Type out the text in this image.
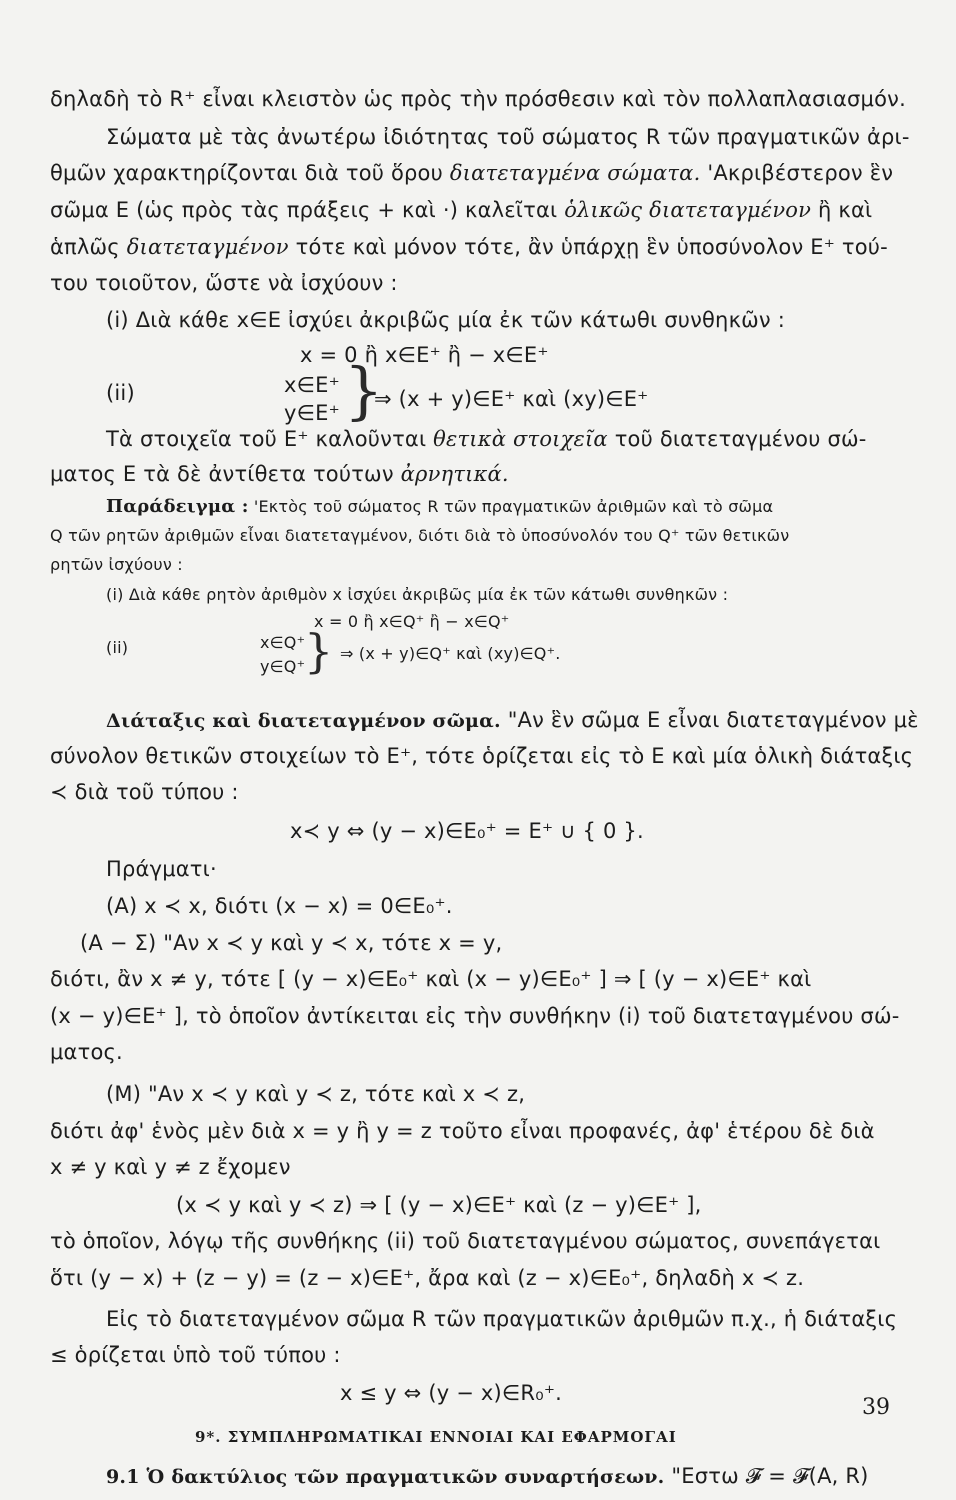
δηλαδὴ τὸ R⁺ εἶναι κλειστὸν ὡς πρὸς τὴν πρόσθεσιν καὶ τὸν πολλαπλασιασμόν.
Σώματα μὲ τὰς ἀνωτέρω ἰδιότητας τοῦ σώματος R τῶν πραγματικῶν ἀρι-
θμῶν χαρακτηρίζονται διὰ τοῦ ὅρου διατεταγμένα σώματα. 'Ακριβέστερον ἓν
σῶμα Ε (ὡς πρὸς τὰς πράξεις + καὶ ·) καλεῖται ὁλικῶς διατεταγμένον ἢ καὶ
ἁπλῶς διατεταγμένον τότε καὶ μόνον τότε, ἂν ὑπάρχῃ ἓν ὑποσύνολον Ε⁺ τού-
του τοιοῦτον, ὥστε νὰ ἰσχύουν :
(i) Διὰ κάθε x∈E ἰσχύει ἀκριβῶς μία ἐκ τῶν κάτωθι συνθηκῶν :
x = 0 ἢ x∈E⁺ ἢ − x∈E⁺
(ii)	x∈E⁺
y∈E⁺ }
⇒ (x + y)∈E⁺ καὶ (xy)∈E⁺
Τὰ στοιχεῖα τοῦ Ε⁺ καλοῦνται θετικὰ στοιχεῖα τοῦ διατεταγμένου σώ-
ματος Ε τὰ δὲ ἀντίθετα τούτων ἀρνητικά.
Παράδειγμα : 'Εκτὸς τοῦ σώματος R τῶν πραγματικῶν ἀριθμῶν καὶ τὸ σῶμα
Q τῶν ρητῶν ἀριθμῶν εἶναι διατεταγμένον, διότι διὰ τὸ ὑποσύνολόν του Q⁺ τῶν θετικῶν
ρητῶν ἰσχύουν :
(i) Διὰ κάθε ρητὸν ἀριθμὸν x ἰσχύει ἀκριβῶς μία ἐκ τῶν κάτωθι συνθηκῶν :
x = 0 ἢ x∈Q⁺ ἢ − x∈Q⁺
(ii)	x∈Q⁺
y∈Q⁺
} ⇒ (x + y)∈Q⁺ καὶ (xy)∈Q⁺.
Διάταξις καὶ διατεταγμένον σῶμα. "Αν ἓν σῶμα Ε εἶναι διατεταγμένον μὲ
σύνολον θετικῶν στοιχείων τὸ Ε⁺, τότε ὁρίζεται εἰς τὸ Ε καὶ μία ὁλικὴ διάταξις
≺ διὰ τοῦ τύπου :
x≺ y ⇔ (y − x)∈E₀⁺ = E⁺ ∪ { 0 }.
Πράγματι·
(A) x ≺ x, διότι (x − x) = 0∈E₀⁺.
(A − Σ) "Αν x ≺ y καὶ y ≺ x, τότε x = y,
διότι, ἂν x ≠ y, τότε [ (y − x)∈E₀⁺ καὶ (x − y)∈E₀⁺ ] ⇒ [ (y − x)∈E⁺ καὶ
(x − y)∈E⁺ ], τὸ ὁποῖον ἀντίκειται εἰς τὴν συνθήκην (i) τοῦ διατεταγμένου σώ-
ματος.
(M) "Aν x ≺ y καὶ y ≺ z, τότε καὶ x ≺ z,
διότι ἀφ' ἑνὸς μὲν διὰ x = y ἢ y = z τοῦτο εἶναι προφανές, ἀφ' ἑτέρου δὲ διὰ
x ≠ y καὶ y ≠ z ἔχομεν
(x ≺ y καὶ y ≺ z) ⇒ [ (y − x)∈E⁺ καὶ (z − y)∈E⁺ ],
τὸ ὁποῖον, λόγῳ τῆς συνθήκης (ii) τοῦ διατεταγμένου σώματος, συνεπάγεται
ὅτι (y − x) + (z − y) = (z − x)∈E⁺, ἄρα καὶ (z − x)∈E₀⁺, δηλαδὴ x ≺ z.
Εἰς τὸ διατεταγμένον σῶμα R τῶν πραγματικῶν ἀριθμῶν π.χ., ἡ διάταξις
≤ ὁρίζεται ὑπὸ τοῦ τύπου :
x ≤ y ⇔ (y − x)∈R₀⁺.
9*. ΣΥΜΠΛΗΡΩΜΑΤΙΚΑΙ ΕΝΝΟΙΑΙ ΚΑΙ ΕΦΑΡΜΟΓΑΙ
9.1 Ὁ δακτύλιος τῶν πραγματικῶν συναρτήσεων. "Εστω 𝓕 = 𝓕(A, R)
39
